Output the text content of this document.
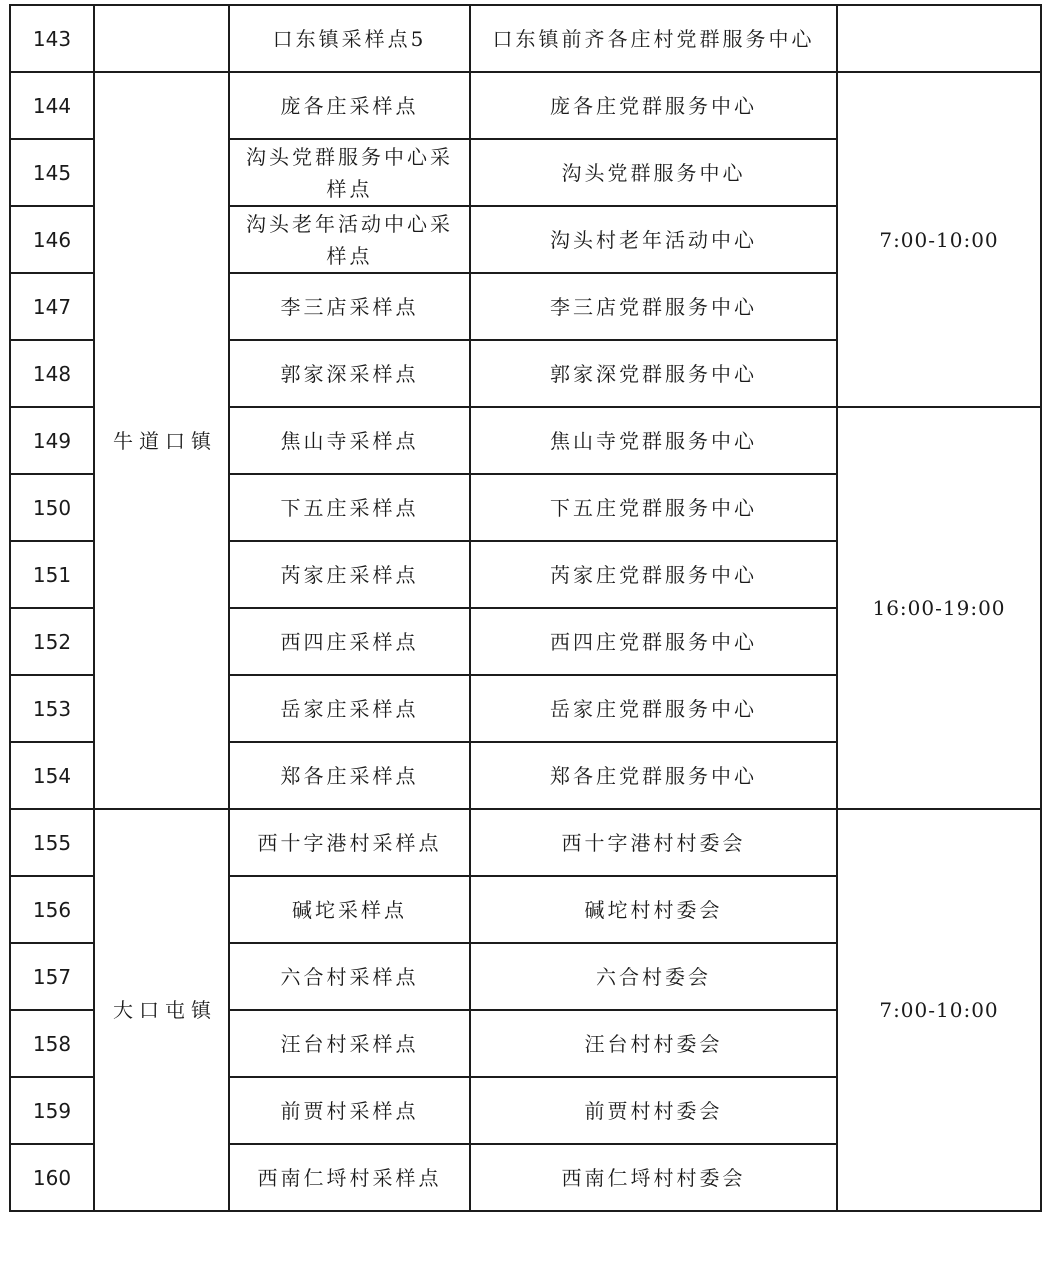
143		口东镇采样点5	口东镇前齐各庄村党群服务中心	
144	牛道口镇	庞各庄采样点	庞各庄党群服务中心	7:00-10:00
145		沟头党群服务中心采样点	沟头党群服务中心	
146		沟头老年活动中心采样点	沟头村老年活动中心	
147		李三店采样点	李三店党群服务中心	
148		郭家深采样点	郭家深党群服务中心	
149		焦山寺采样点	焦山寺党群服务中心	16:00-19:00
150		下五庄采样点	下五庄党群服务中心	
151		芮家庄采样点	芮家庄党群服务中心	
152		西四庄采样点	西四庄党群服务中心	
153		岳家庄采样点	岳家庄党群服务中心	
154		郑各庄采样点	郑各庄党群服务中心	
155	大口屯镇	西十字港村采样点	西十字港村村委会	7:00-10:00
156		碱坨采样点	碱坨村村委会	
157		六合村采样点	六合村委会	
158		汪台村采样点	汪台村村委会	
159		前贾村采样点	前贾村村委会	
160		西南仁埒村采样点	西南仁埒村村委会	
